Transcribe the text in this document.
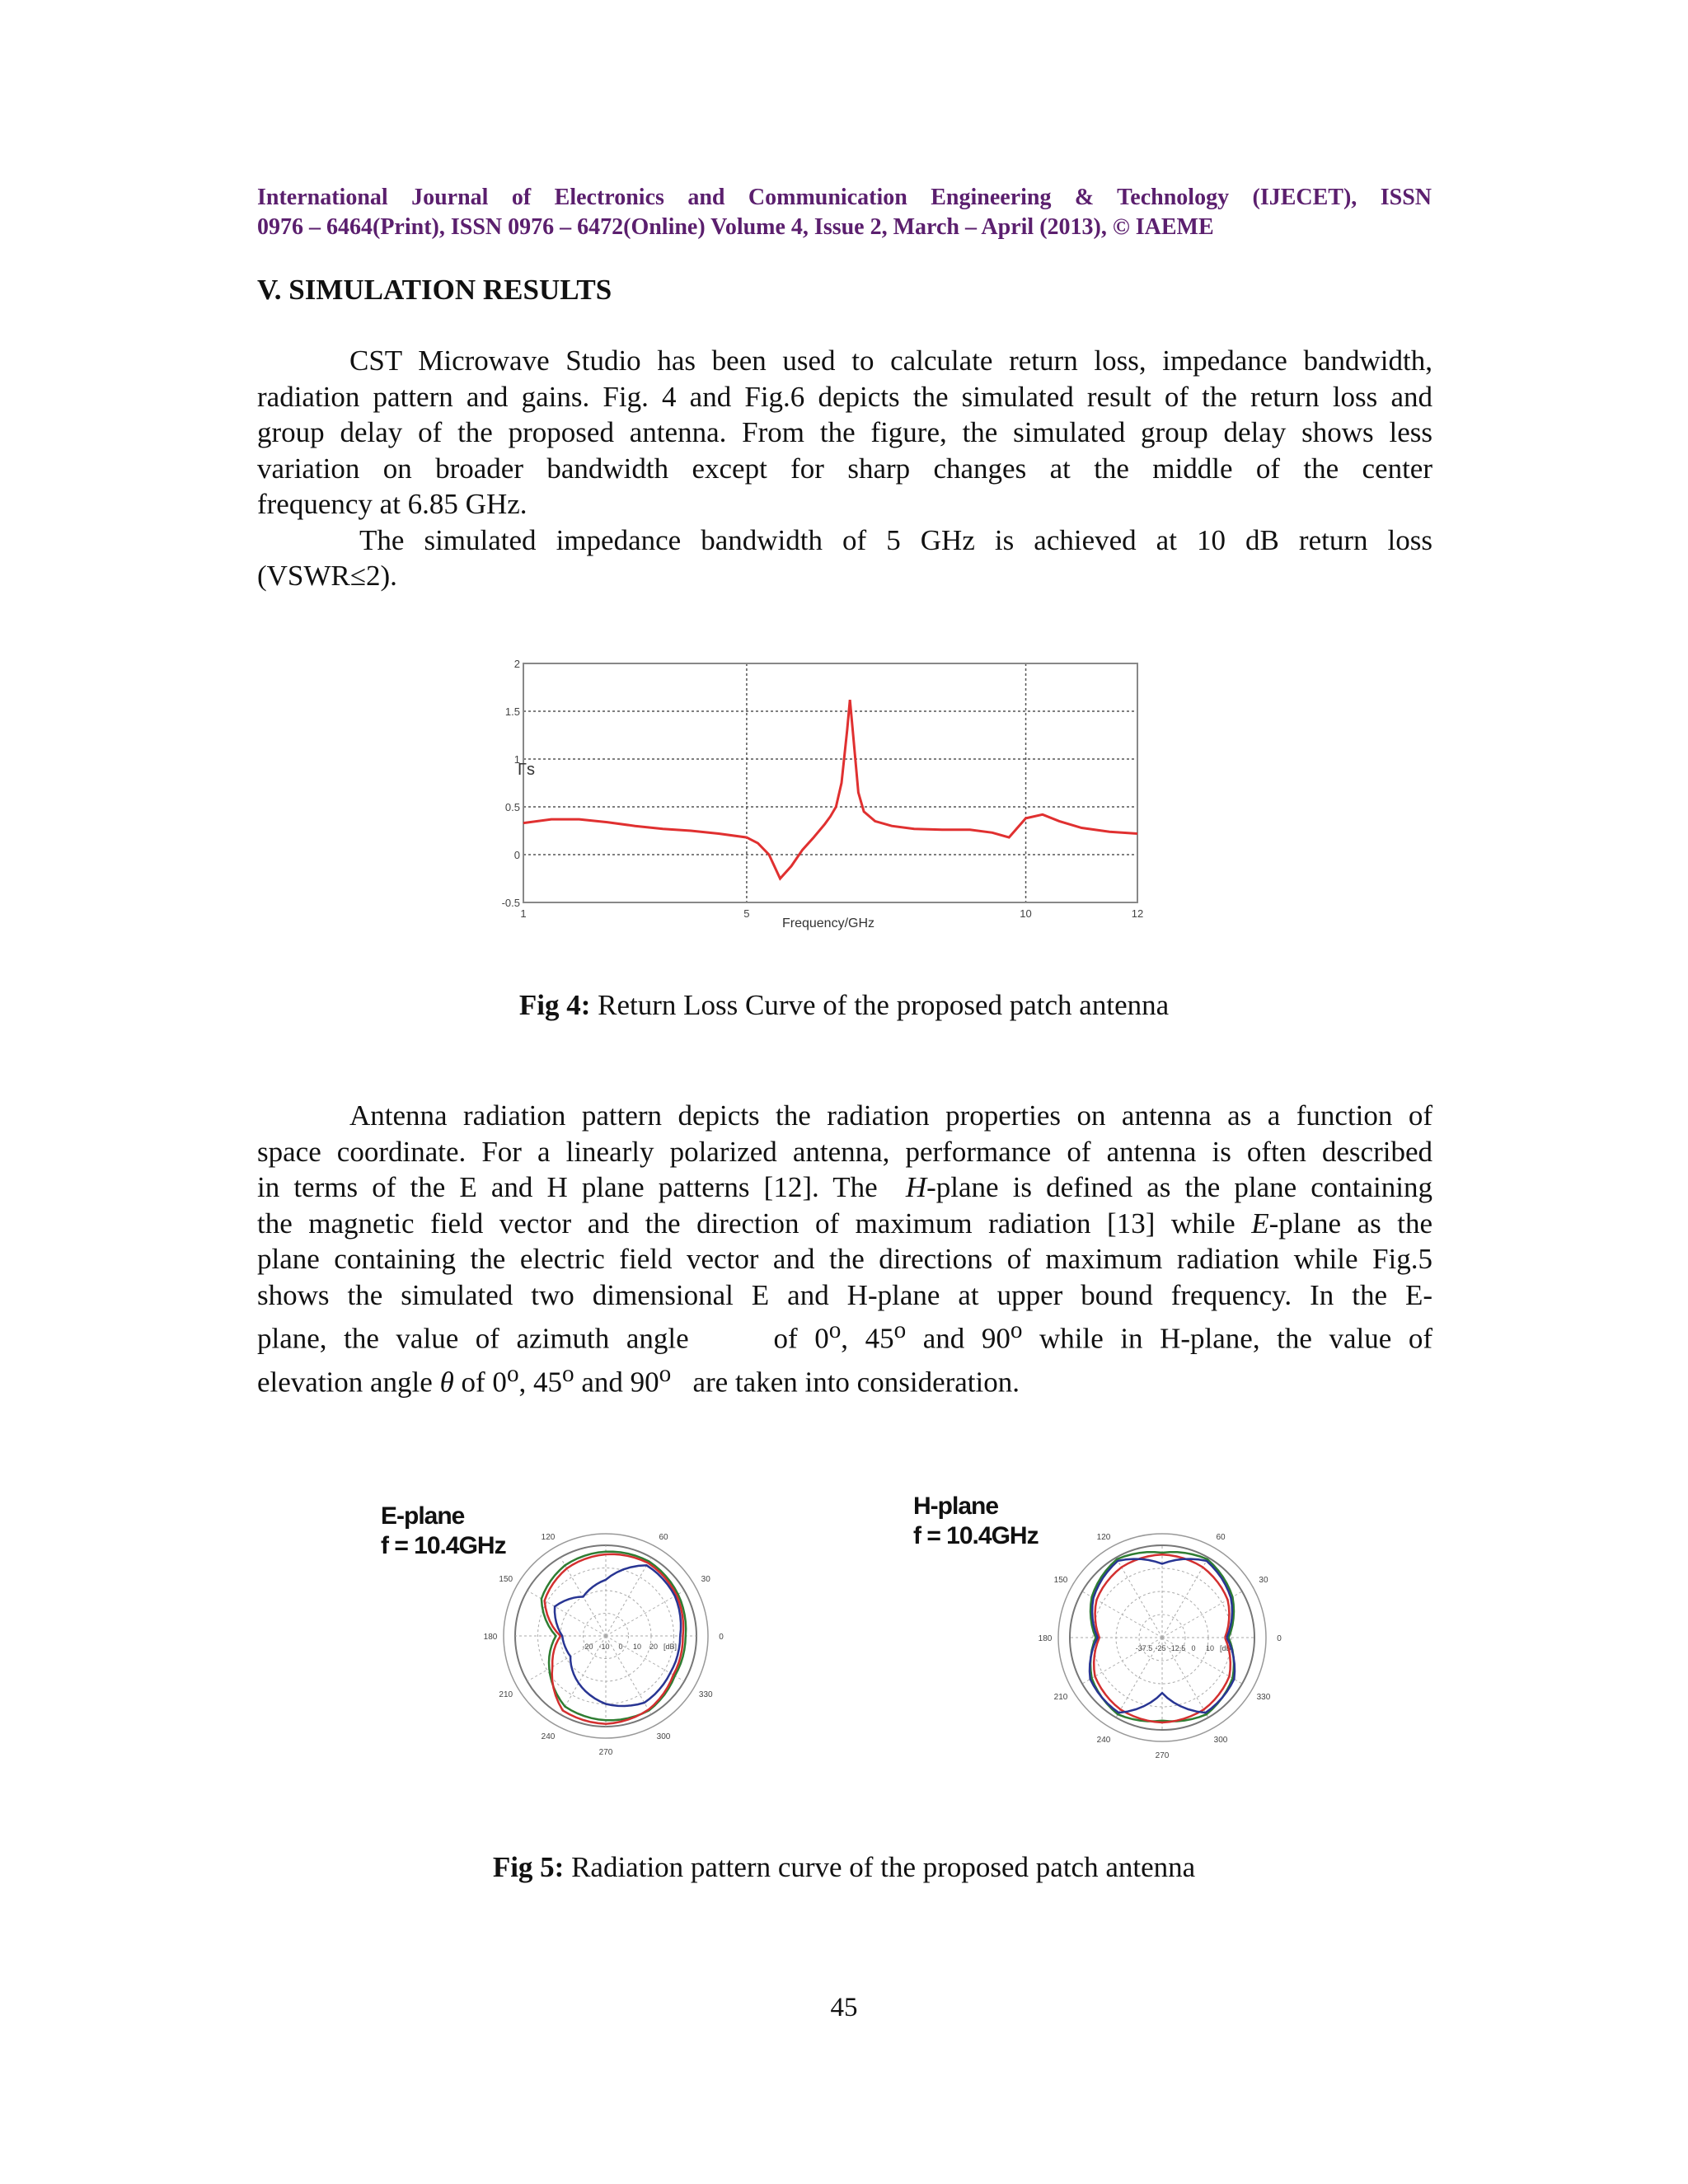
International Journal of Electronics and Communication Engineering & Technology (IJECET), ISSN
0976 – 6464(Print), ISSN 0976 – 6472(Online) Volume 4, Issue 2, March – April (2013), © IAEME
V. SIMULATION RESULTS
CST Microwave Studio has been used to calculate return loss, impedance bandwidth,
radiation pattern and gains. Fig. 4 and Fig.6 depicts the simulated result of the return loss and
group delay of the proposed antenna. From the figure, the simulated group delay shows less
variation on broader bandwidth except for sharp changes at the middle of the center
frequency at 6.85 GHz.
The simulated impedance bandwidth of 5 GHz is achieved at 10 dB return loss
(VSWR≤2).
2
1.5
1
0.5
0
-0.5
1	5	10	12
Γs
Frequency/GHz
Fig 4: Return Loss Curve of the proposed patch antenna
Antenna radiation pattern depicts the radiation properties on antenna as a function of
space coordinate. For a linearly polarized antenna, performance of antenna is often described
in terms of the E and H plane patterns [12]. The H-plane is defined as the plane containing
the magnetic field vector and the direction of maximum radiation [13] while E-plane as the
plane containing the electric field vector and the directions of maximum radiation while Fig.5
shows the simulated two dimensional E and H-plane at upper bound frequency. In the E-
plane, the value of azimuth angle	of 0$^o$, 45$^o$ and 90$^o$ while in H-plane, the value of
elevation angle θ of 0$^o$, 45$^o$ and 90$^o$   are taken into consideration.
E-plane
f = 10.4GHz
0
30
60
120
150
180
210
240
270
300
330
-20 -10 0 10 20 [dB]
H-plane
f = 10.4GHz
0
30
60
120
150
180
210
240
270
300
330
-37.5 -25 -12.5 0 10 [dB]
Fig 5: Radiation pattern curve of the proposed patch antenna
45
